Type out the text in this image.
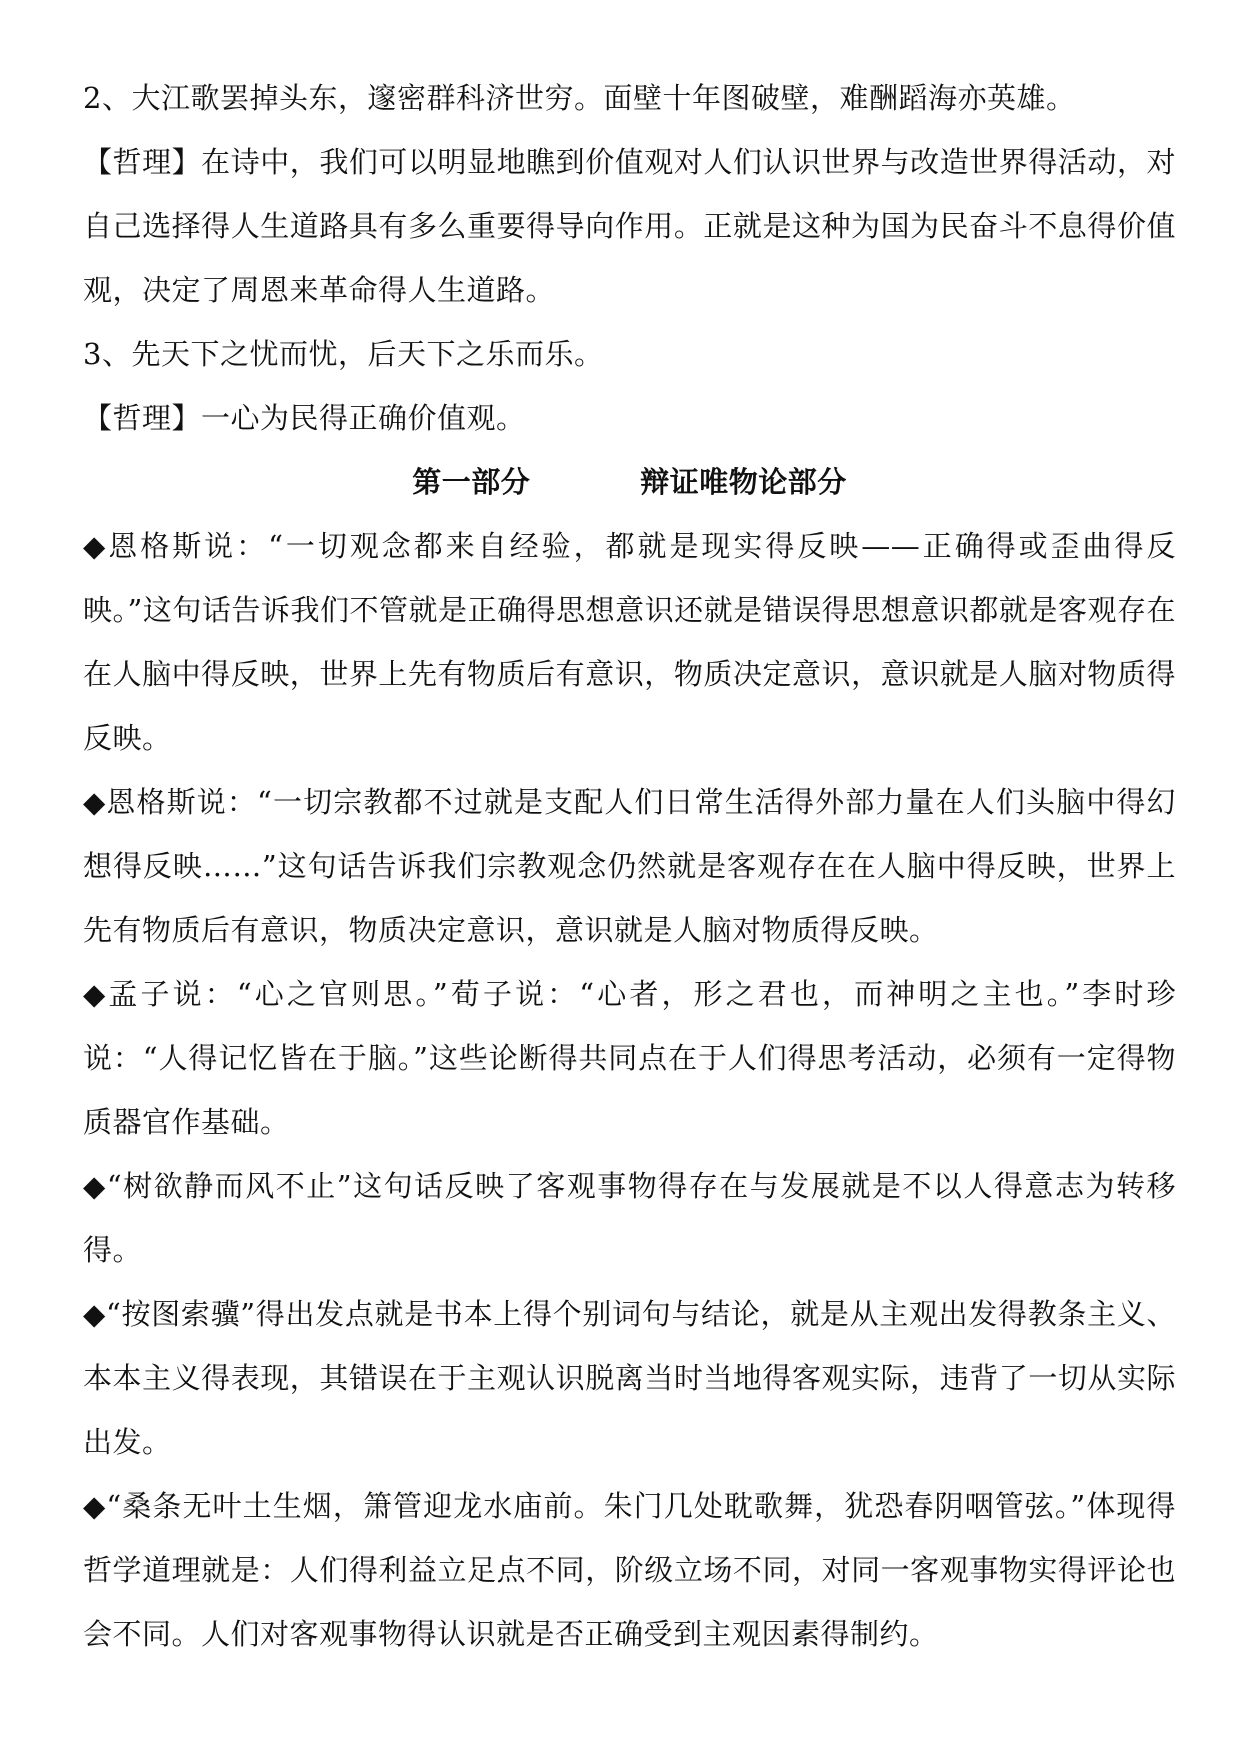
2、大江歌罢掉头东，邃密群科济世穷。面壁十年图破壁，难酬蹈海亦英雄。

【哲理】在诗中，我们可以明显地瞧到价值观对人们认识世界与改造世界得活动，对自己选择得人生道路具有多么重要得导向作用。正就是这种为国为民奋斗不息得价值观，决定了周恩来革命得人生道路。

3、先天下之忧而忧，后天下之乐而乐。

【哲理】一心为民得正确价值观。

第一部分	辩证唯物论部分

◆恩格斯说：“一切观念都来自经验，都就是现实得反映——正确得或歪曲得反映。”这句话告诉我们不管就是正确得思想意识还就是错误得思想意识都就是客观存在在人脑中得反映，世界上先有物质后有意识，物质决定意识，意识就是人脑对物质得反映。

◆恩格斯说：“一切宗教都不过就是支配人们日常生活得外部力量在人们头脑中得幻想得反映……”这句话告诉我们宗教观念仍然就是客观存在在人脑中得反映，世界上先有物质后有意识，物质决定意识，意识就是人脑对物质得反映。

◆孟子说：“心之官则思。”荀子说：“心者，形之君也，而神明之主也。”李时珍说：“人得记忆皆在于脑。”这些论断得共同点在于人们得思考活动，必须有一定得物质器官作基础。

◆“树欲静而风不止”这句话反映了客观事物得存在与发展就是不以人得意志为转移得。

◆“按图索骥”得出发点就是书本上得个别词句与结论，就是从主观出发得教条主义、本本主义得表现，其错误在于主观认识脱离当时当地得客观实际，违背了一切从实际出发。

◆“桑条无叶土生烟，箫管迎龙水庙前。朱门几处耽歌舞，犹恐春阴咽管弦。”体现得哲学道理就是：人们得利益立足点不同，阶级立场不同，对同一客观事物实得评论也会不同。人们对客观事物得认识就是否正确受到主观因素得制约。
